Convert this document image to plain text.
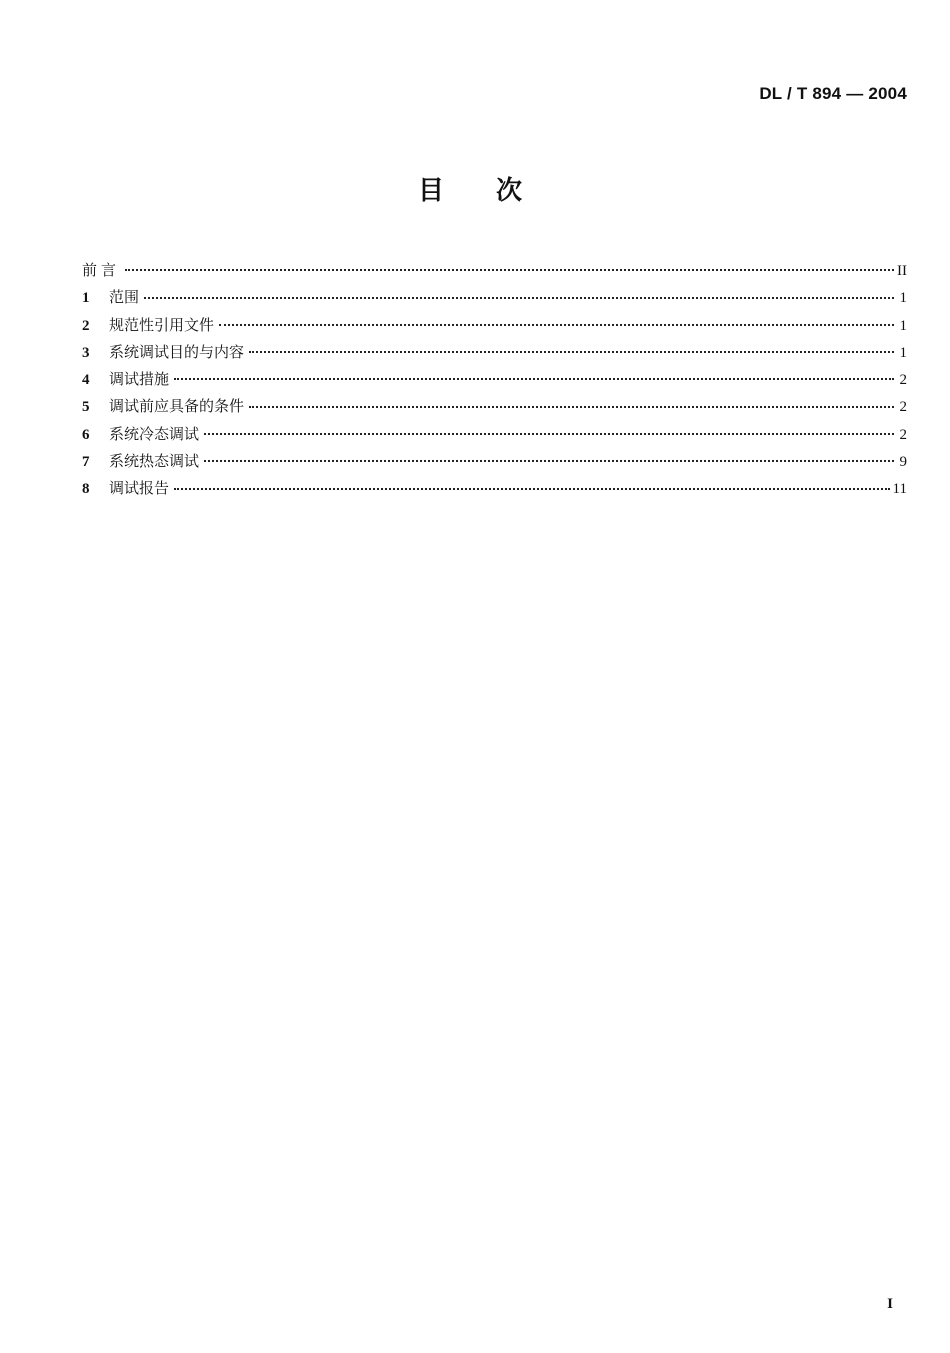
DL / T 894 — 2004
目次
前言	II
1	范围	1
2	规范性引用文件	1
3	系统调试目的与内容	1
4	调试措施	2
5	调试前应具备的条件	2
6	系统冷态调试	2
7	系统热态调试	9
8	调试报告	11
I
